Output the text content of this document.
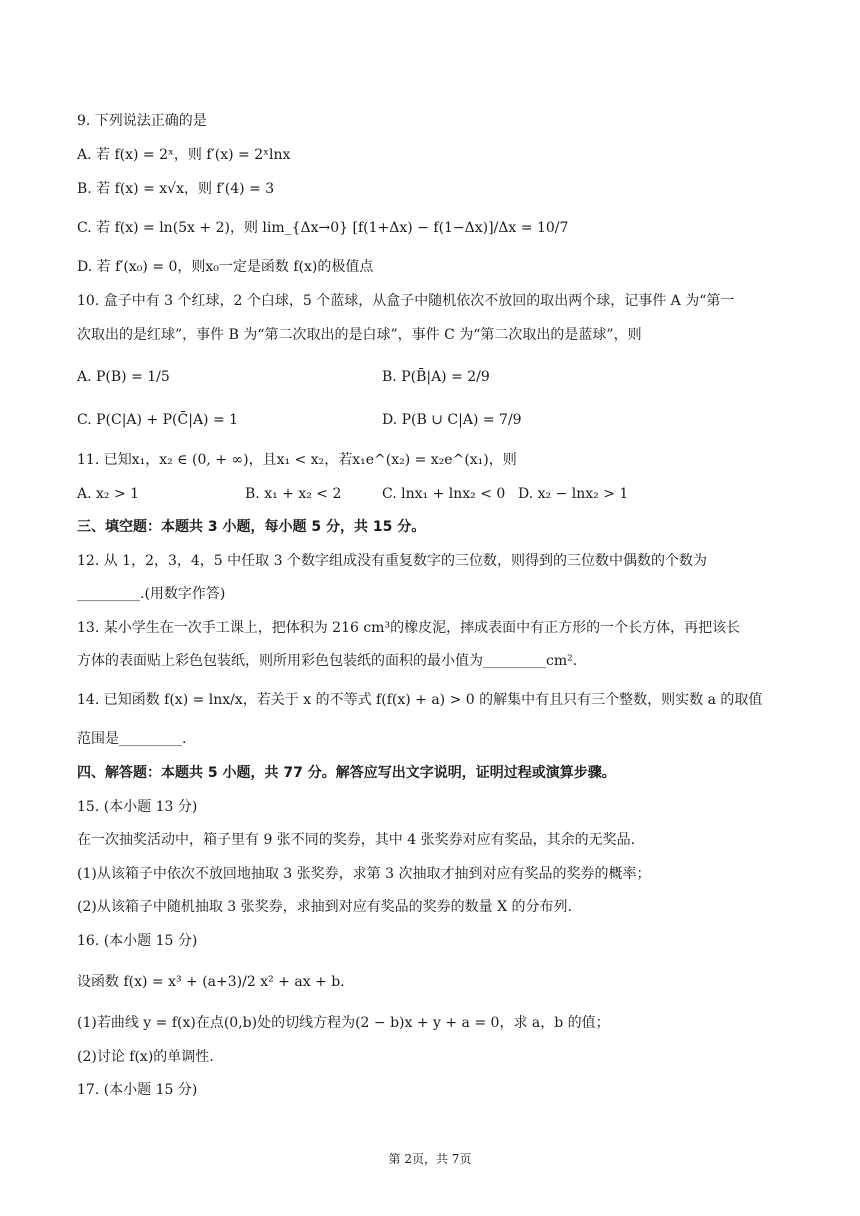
9. 下列说法正确的是
A. 若 f(x) = 2ˣ，则 f′(x) = 2ˣlnx
B. 若 f(x) = x√x，则 f′(4) = 3
C. 若 f(x) = ln(5x + 2)，则 lim_{Δx→0} [f(1+Δx) − f(1−Δx)]/Δx = 10/7
D. 若 f′(x₀) = 0，则x₀一定是函数 f(x)的极值点
10. 盒子中有 3 个红球，2 个白球，5 个蓝球，从盒子中随机依次不放回的取出两个球，记事件 A 为“第一
次取出的是红球”，事件 B 为“第二次取出的是白球”，事件 C 为“第二次取出的是蓝球”，则
A. P(B) = 1/5	B. P(B̄|A) = 2/9
C. P(C|A) + P(C̄|A) = 1	D. P(B ∪ C|A) = 7/9
11. 已知x₁，x₂ ∈ (0, + ∞)，且x₁ < x₂，若x₁e^(x₂) = x₂e^(x₁)，则
A. x₂ > 1	B. x₁ + x₂ < 2	C. lnx₁ + lnx₂ < 0 D. x₂ − lnx₂ > 1
三、填空题：本题共 3 小题，每小题 5 分，共 15 分。
12. 从 1，2，3，4，5 中任取 3 个数字组成没有重复数字的三位数，则得到的三位数中偶数的个数为
_________.(用数字作答)
13. 某小学生在一次手工课上，把体积为 216 cm³的橡皮泥，摔成表面中有正方形的一个长方体，再把该长
方体的表面贴上彩色包装纸，则所用彩色包装纸的面积的最小值为_________cm².
14. 已知函数 f(x) = lnx/x，若关于 x 的不等式 f(f(x) + a) > 0 的解集中有且只有三个整数，则实数 a 的取值
范围是_________.
四、解答题：本题共 5 小题，共 77 分。解答应写出文字说明，证明过程或演算步骤。
15. (本小题 13 分)
在一次抽奖活动中，箱子里有 9 张不同的奖券，其中 4 张奖券对应有奖品，其余的无奖品.
(1)从该箱子中依次不放回地抽取 3 张奖券，求第 3 次抽取才抽到对应有奖品的奖券的概率；
(2)从该箱子中随机抽取 3 张奖券，求抽到对应有奖品的奖券的数量 X 的分布列.
16. (本小题 15 分)
设函数 f(x) = x³ + (a+3)/2 x² + ax + b.
(1)若曲线 y = f(x)在点(0,b)处的切线方程为(2 − b)x + y + a = 0，求 a，b 的值；
(2)讨论 f(x)的单调性.
17. (本小题 15 分)
第 2页，共 7页
